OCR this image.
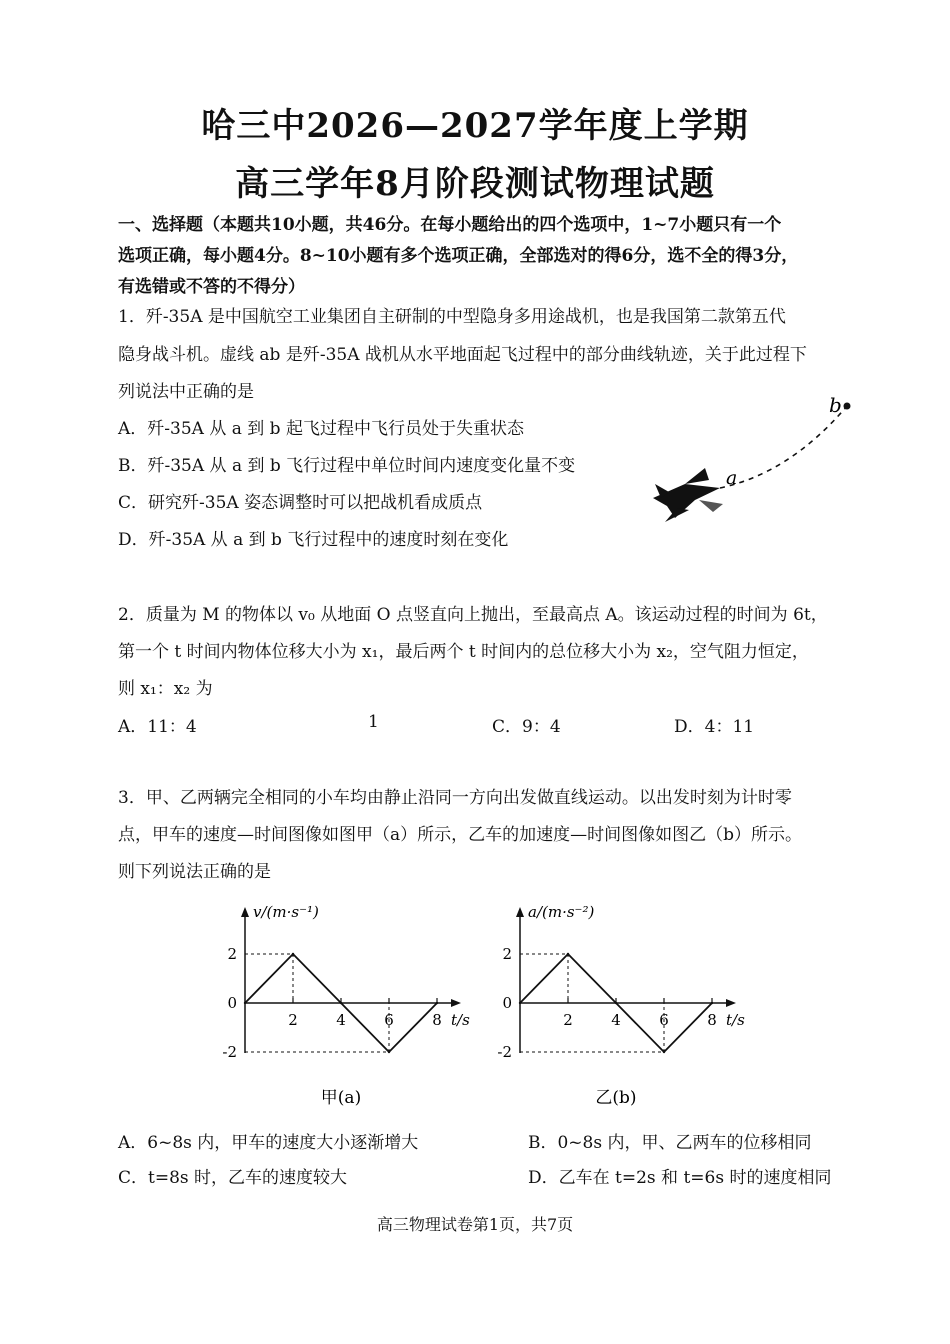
哈三中2026—2027学年度上学期
高三学年8月阶段测试物理试题
一、选择题（本题共10小题，共46分。在每小题给出的四个选项中，1~7小题只有一个
选项正确，每小题4分。8~10小题有多个选项正确，全部选对的得6分，选不全的得3分，
有选错或不答的不得分）
1．歼-35A 是中国航空工业集团自主研制的中型隐身多用途战机，也是我国第二款第五代
隐身战斗机。虚线 ab 是歼-35A 战机从水平地面起飞过程中的部分曲线轨迹，关于此过程下
列说法中正确的是
A．歼-35A 从 a 到 b 起飞过程中飞行员处于失重状态
B．歼-35A 从 a 到 b 飞行过程中单位时间内速度变化量不变
C．研究歼-35A 姿态调整时可以把战机看成质点
D．歼-35A 从 a 到 b 飞行过程中的速度时刻在变化
b
a
2．质量为 M 的物体以 v₀ 从地面 O 点竖直向上抛出，至最高点 A。该运动过程的时间为 6t，
第一个 t 时间内物体位移大小为 x₁，最后两个 t 时间内的总位移大小为 x₂，空气阻力恒定，
则 x₁：x₂ 为
A．11：4	1	C．9：4	D．4：11
3．甲、乙两辆完全相同的小车均由静止沿同一方向出发做直线运动。以出发时刻为计时零
点，甲车的速度—时间图像如图甲（a）所示，乙车的加速度—时间图像如图乙（b）所示。
则下列说法正确的是
v/(m·s⁻¹)
t/s
2
0
-2
2	4	6	8
甲(a)
a/(m·s⁻²)
t/s
2
0
-2
2	4	6	8
乙(b)
A．6~8s 内，甲车的速度大小逐渐增大	B．0~8s 内，甲、乙两车的位移相同
C．t=8s 时，乙车的速度较大	D．乙车在 t=2s 和 t=6s 时的速度相同
高三物理试卷第1页，共7页
